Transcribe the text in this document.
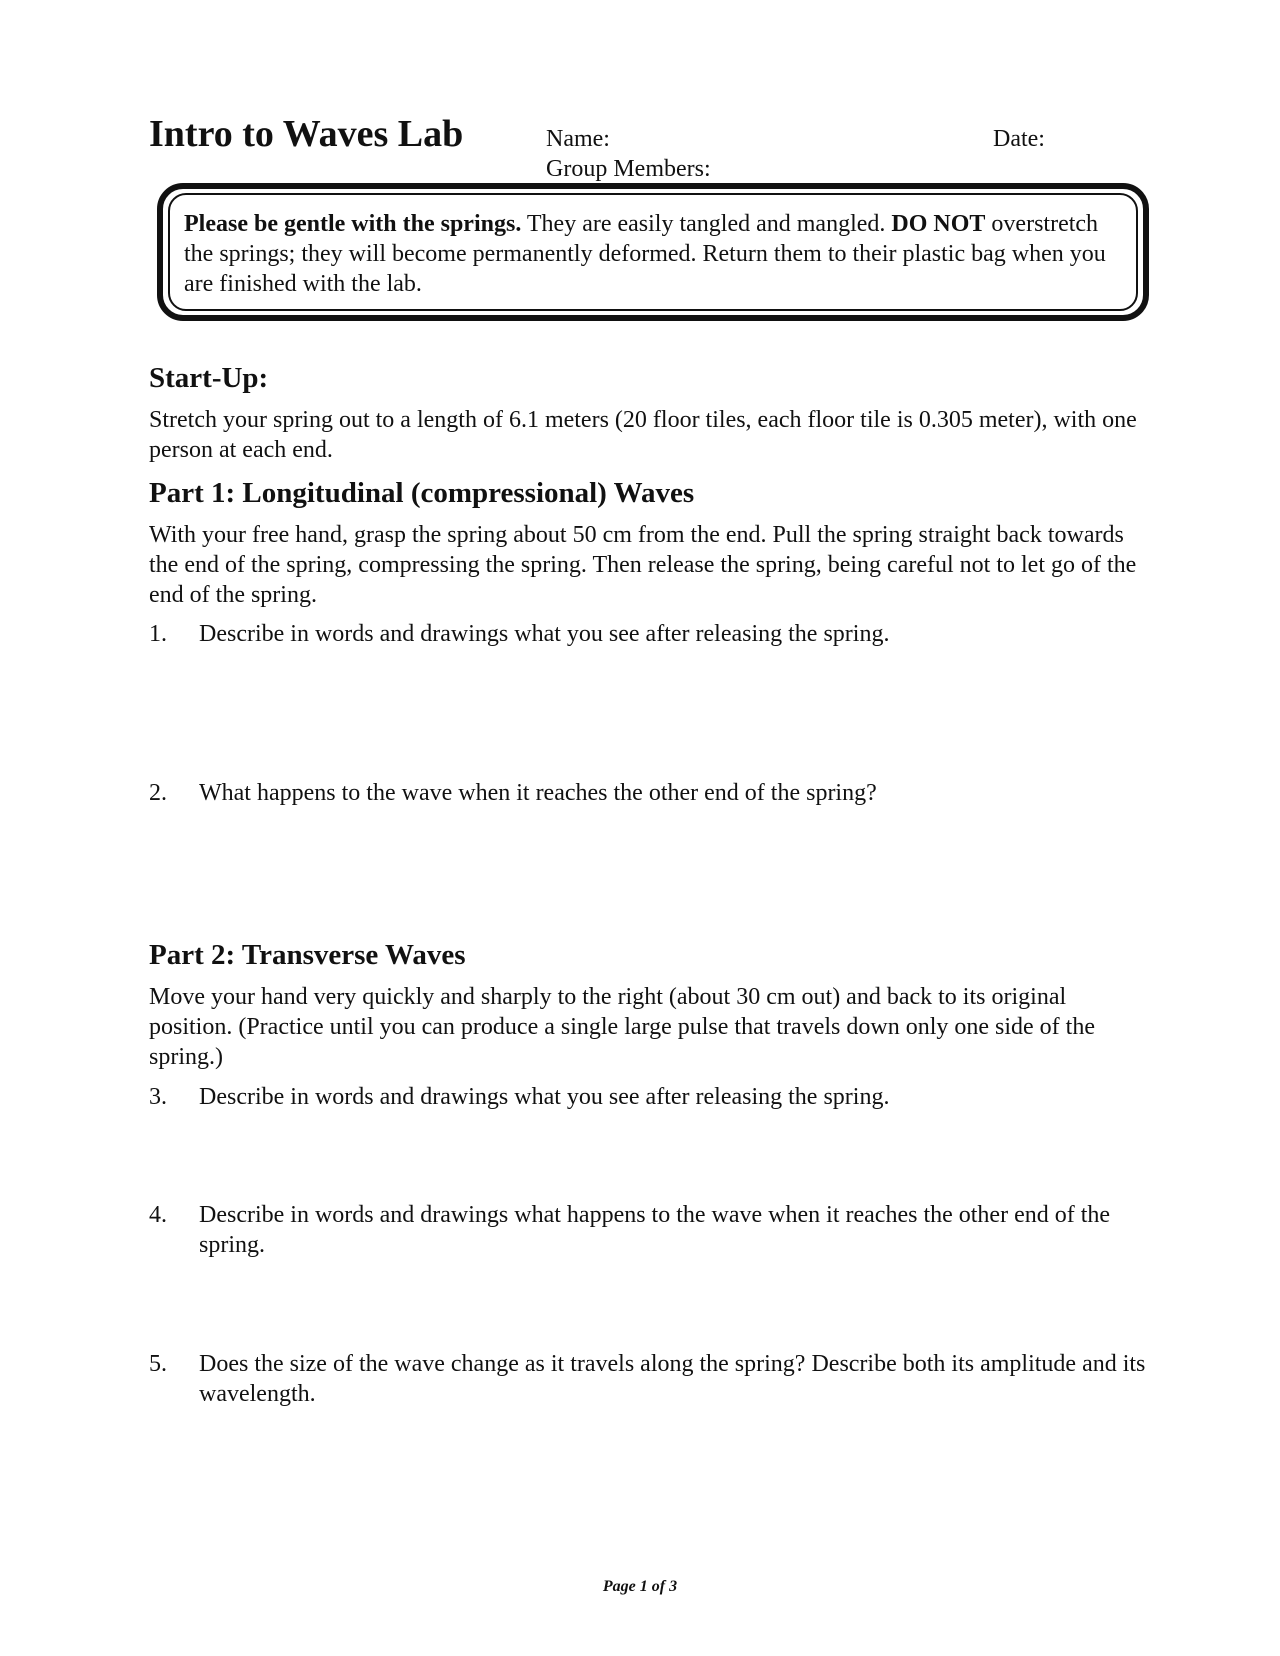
Intro to Waves Lab	Name:	Date:
Group Members:
Please be gentle with the springs. They are easily tangled and mangled. DO NOT overstretch the springs; they will become permanently deformed. Return them to their plastic bag when you are finished with the lab.
Start-Up:
Stretch your spring out to a length of 6.1 meters (20 floor tiles, each floor tile is 0.305 meter), with one person at each end.
Part 1: Longitudinal (compressional) Waves
With your free hand, grasp the spring about 50 cm from the end. Pull the spring straight back towards the end of the spring, compressing the spring. Then release the spring, being careful not to let go of the end of the spring.
1. Describe in words and drawings what you see after releasing the spring.
2. What happens to the wave when it reaches the other end of the spring?
Part 2: Transverse Waves
Move your hand very quickly and sharply to the right (about 30 cm out) and back to its original position. (Practice until you can produce a single large pulse that travels down only one side of the spring.)
3. Describe in words and drawings what you see after releasing the spring.
4. Describe in words and drawings what happens to the wave when it reaches the other end of the spring.
5. Does the size of the wave change as it travels along the spring? Describe both its amplitude and its wavelength.
Page 1 of 3
